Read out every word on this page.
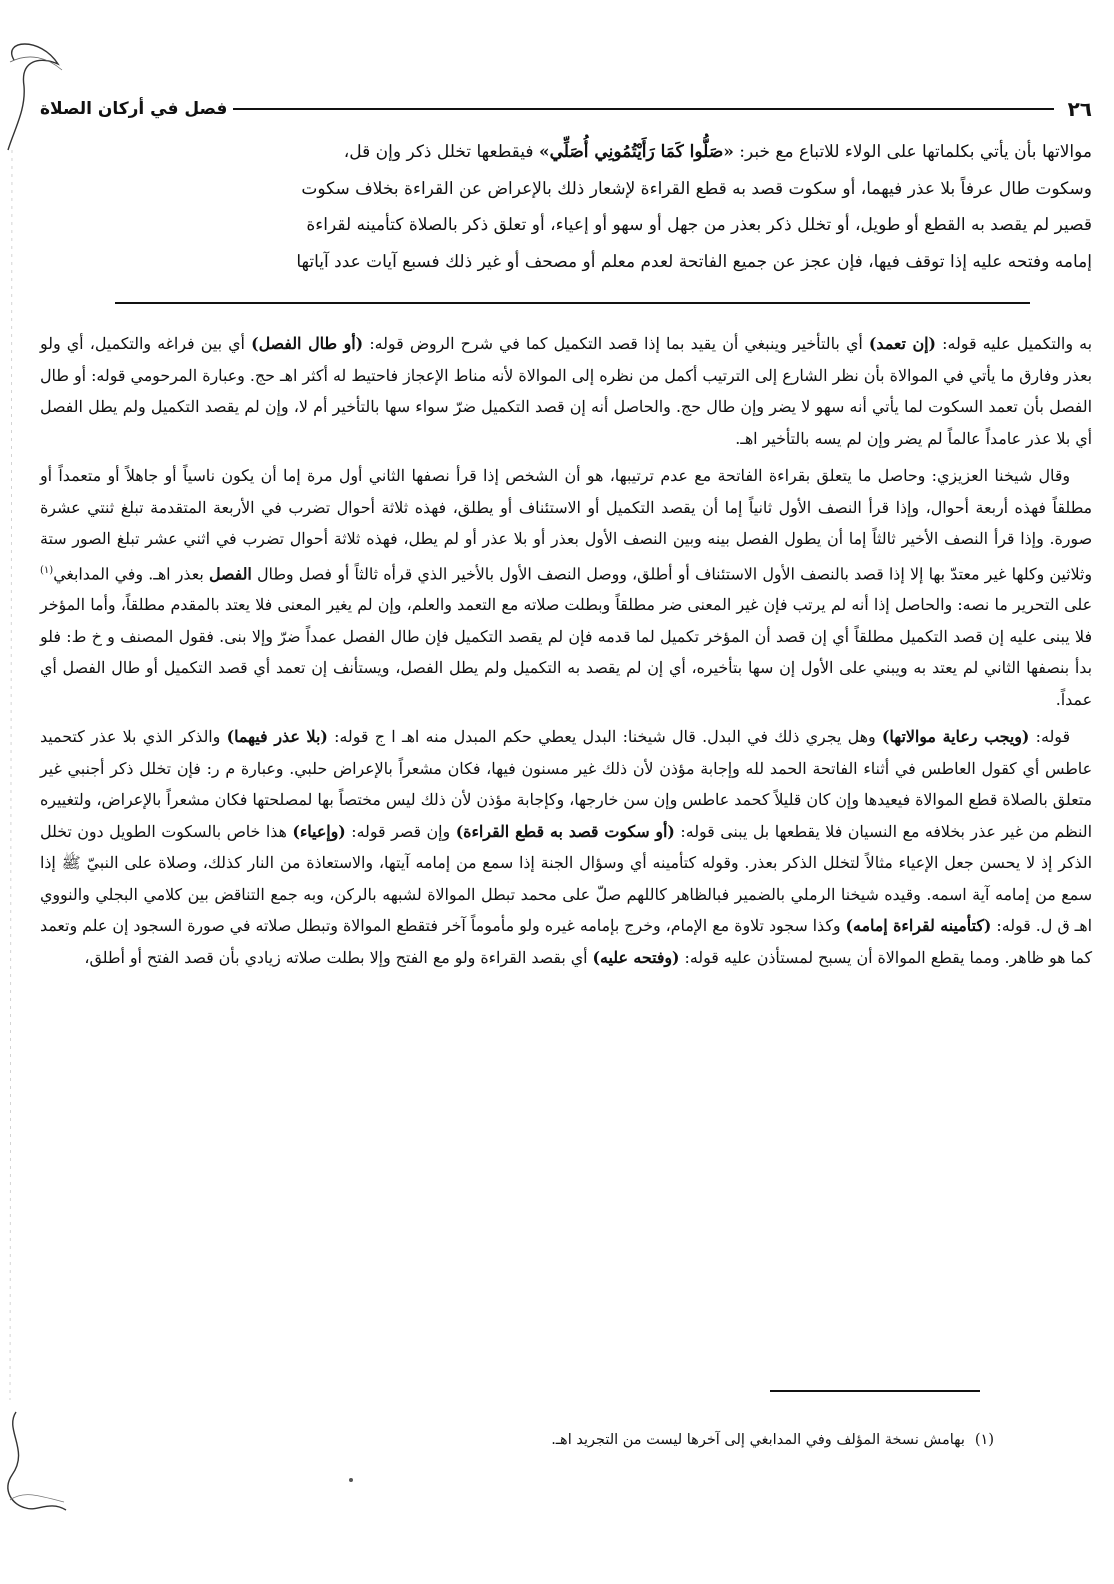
٢٦
فصل في أركان الصلاة

موالاتها بأن يأتي بكلماتها على الولاء للاتباع مع خبر: «صَلُّوا كَمَا رَأَيْتُمُونِي أُصَلِّي» فيقطعها تخلل ذكر وإن قل،

وسكوت طال عرفاً بلا عذر فيهما، أو سكوت قصد به قطع القراءة لإشعار ذلك بالإعراض عن القراءة بخلاف سكوت

قصير لم يقصد به القطع أو طويل، أو تخلل ذكر بعذر من جهل أو سهو أو إعياء، أو تعلق ذكر بالصلاة كتأمينه لقراءة

إمامه وفتحه عليه إذا توقف فيها، فإن عجز عن جميع الفاتحة لعدم معلم أو مصحف أو غير ذلك فسبع آيات عدد آياتها

به والتكميل عليه قوله: (إن تعمد) أي بالتأخير وينبغي أن يقيد بما إذا قصد التكميل كما في شرح الروض قوله: (أو طال الفصل) أي بين فراغه والتكميل، أي ولو بعذر وفارق ما يأتي في الموالاة بأن نظر الشارع إلى الترتيب أكمل من نظره إلى الموالاة لأنه مناط الإعجاز فاحتيط له أكثر اهـ حج. وعبارة المرحومي قوله: أو طال الفصل بأن تعمد السكوت لما يأتي أنه سهو لا يضر وإن طال حج. والحاصل أنه إن قصد التكميل ضرّ سواء سها بالتأخير أم لا، وإن لم يقصد التكميل ولم يطل الفصل أي بلا عذر عامداً عالماً لم يضر وإن لم يسه بالتأخير اهـ.

وقال شيخنا العزيزي: وحاصل ما يتعلق بقراءة الفاتحة مع عدم ترتيبها، هو أن الشخص إذا قرأ نصفها الثاني أول مرة إما أن يكون ناسياً أو جاهلاً أو متعمداً أو مطلقاً فهذه أربعة أحوال، وإذا قرأ النصف الأول ثانياً إما أن يقصد التكميل أو الاستئناف أو يطلق، فهذه ثلاثة أحوال تضرب في الأربعة المتقدمة تبلغ ثنتي عشرة صورة. وإذا قرأ النصف الأخير ثالثاً إما أن يطول الفصل بينه وبين النصف الأول بعذر أو بلا عذر أو لم يطل، فهذه ثلاثة أحوال تضرب في اثني عشر تبلغ الصور ستة وثلاثين وكلها غير معتدّ بها إلا إذا قصد بالنصف الأول الاستئناف أو أطلق، ووصل النصف الأول بالأخير الذي قرأه ثالثاً أو فصل وطال الفصل بعذر اهـ. وفي المدابغي$^{(١)}$ على التحرير ما نصه: والحاصل إذا أنه لم يرتب فإن غير المعنى ضر مطلقاً وبطلت صلاته مع التعمد والعلم، وإن لم يغير المعنى فلا يعتد بالمقدم مطلقاً، وأما المؤخر فلا يبنى عليه إن قصد التكميل مطلقاً أي إن قصد أن المؤخر تكميل لما قدمه فإن لم يقصد التكميل فإن طال الفصل عمداً ضرّ وإلا بنى. فقول المصنف و خ ط: فلو بدأ بنصفها الثاني لم يعتد به ويبني على الأول إن سها بتأخيره، أي إن لم يقصد به التكميل ولم يطل الفصل، ويستأنف إن تعمد أي قصد التكميل أو طال الفصل أي عمداً.

قوله: (ويجب رعاية موالاتها) وهل يجري ذلك في البدل. قال شيخنا: البدل يعطي حكم المبدل منه اهـ ا ج قوله: (بلا عذر فيهما) والذكر الذي بلا عذر كتحميد عاطس أي كقول العاطس في أثناء الفاتحة الحمد لله وإجابة مؤذن لأن ذلك غير مسنون فيها، فكان مشعراً بالإعراض حلبي. وعبارة م ر: فإن تخلل ذكر أجنبي غير متعلق بالصلاة قطع الموالاة فيعيدها وإن كان قليلاً كحمد عاطس وإن سن خارجها، وكإجابة مؤذن لأن ذلك ليس مختصاً بها لمصلحتها فكان مشعراً بالإعراض، ولتغييره النظم من غير عذر بخلافه مع النسيان فلا يقطعها بل يبنى قوله: (أو سكوت قصد به قطع القراءة) وإن قصر قوله: (وإعياء) هذا خاص بالسكوت الطويل دون تخلل الذكر إذ لا يحسن جعل الإعياء مثالاً لتخلل الذكر بعذر. وقوله كتأمينه أي وسؤال الجنة إذا سمع من إمامه آيتها، والاستعاذة من النار كذلك، وصلاة على النبيّ ﷺ إذا سمع من إمامه آية اسمه. وقيده شيخنا الرملي بالضمير فبالظاهر كاللهم صلّ على محمد تبطل الموالاة لشبهه بالركن، وبه جمع التناقض بين كلامي البجلي والنووي اهـ ق ل. قوله: (كتأمينه لقراءة إمامه) وكذا سجود تلاوة مع الإمام، وخرج بإمامه غيره ولو مأموماً آخر فتقطع الموالاة وتبطل صلاته في صورة السجود إن علم وتعمد كما هو ظاهر. ومما يقطع الموالاة أن يسبح لمستأذن عليه قوله: (وفتحه عليه) أي بقصد القراءة ولو مع الفتح وإلا بطلت صلاته زيادي بأن قصد الفتح أو أطلق،

(١)بهامش نسخة المؤلف وفي المدابغي إلى آخرها ليست من التجريد اهـ.
